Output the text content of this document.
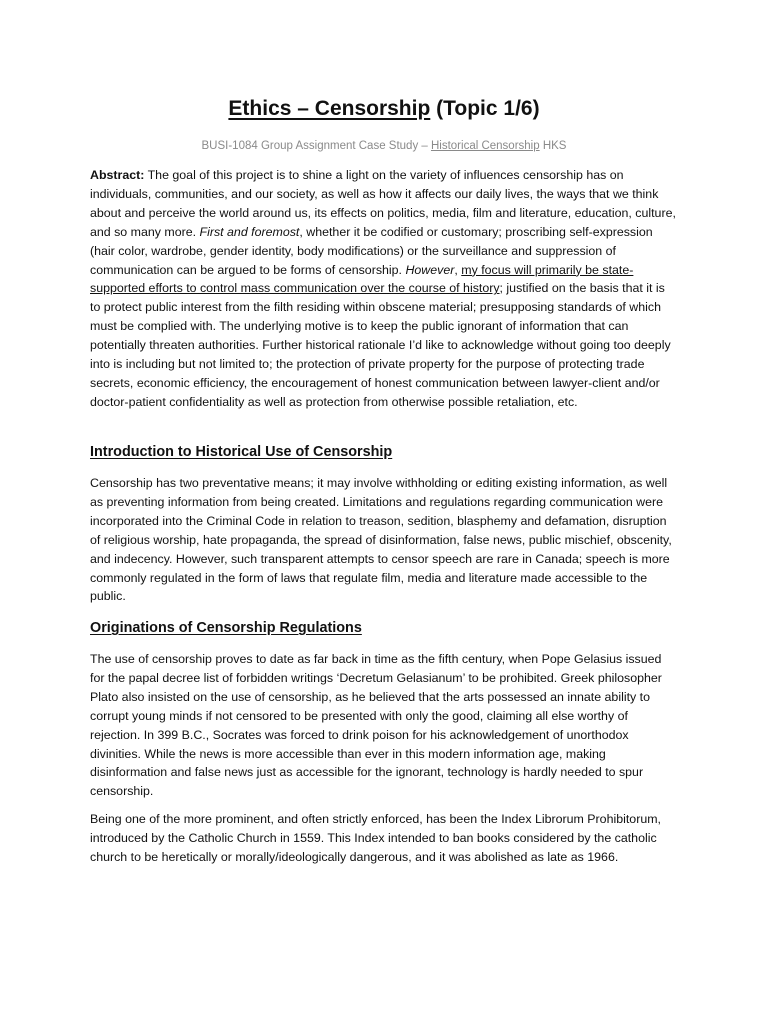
Ethics – Censorship (Topic 1/6)
BUSI-1084 Group Assignment Case Study – Historical Censorship HKS

Abstract: The goal of this project is to shine a light on the variety of influences censorship has on individuals, communities, and our society, as well as how it affects our daily lives, the ways that we think about and perceive the world around us, its effects on politics, media, film and literature, education, culture, and so many more. First and foremost, whether it be codified or customary; proscribing self-expression (hair color, wardrobe, gender identity, body modifications) or the surveillance and suppression of communication can be argued to be forms of censorship. However, my focus will primarily be state-supported efforts to control mass communication over the course of history; justified on the basis that it is to protect public interest from the filth residing within obscene material; presupposing standards of which must be complied with. The underlying motive is to keep the public ignorant of information that can potentially threaten authorities. Further historical rationale I’d like to acknowledge without going too deeply into is including but not limited to; the protection of private property for the purpose of protecting trade secrets, economic efficiency, the encouragement of honest communication between lawyer-client and/or doctor-patient confidentiality as well as protection from otherwise possible retaliation, etc.

Introduction to Historical Use of Censorship

Censorship has two preventative means; it may involve withholding or editing existing information, as well as preventing information from being created. Limitations and regulations regarding communication were incorporated into the Criminal Code in relation to treason, sedition, blasphemy and defamation, disruption of religious worship, hate propaganda, the spread of disinformation, false news, public mischief, obscenity, and indecency. However, such transparent attempts to censor speech are rare in Canada; speech is more commonly regulated in the form of laws that regulate film, media and literature made accessible to the public.

Originations of Censorship Regulations

The use of censorship proves to date as far back in time as the fifth century, when Pope Gelasius issued for the papal decree list of forbidden writings ‘Decretum Gelasianum’ to be prohibited. Greek philosopher Plato also insisted on the use of censorship, as he believed that the arts possessed an innate ability to corrupt young minds if not censored to be presented with only the good, claiming all else worthy of rejection. In 399 B.C., Socrates was forced to drink poison for his acknowledgement of unorthodox divinities. While the news is more accessible than ever in this modern information age, making disinformation and false news just as accessible for the ignorant, technology is hardly needed to spur censorship.

Being one of the more prominent, and often strictly enforced, has been the Index Librorum Prohibitorum, introduced by the Catholic Church in 1559. This Index intended to ban books considered by the catholic church to be heretically or morally/ideologically dangerous, and it was abolished as late as 1966.
